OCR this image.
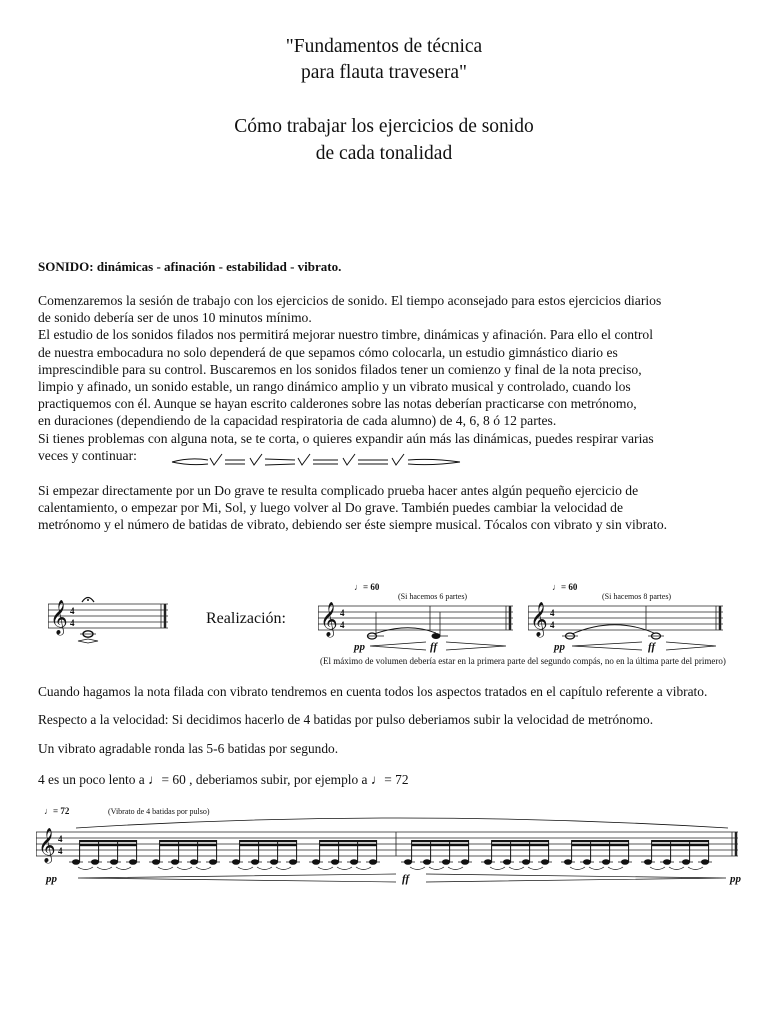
"Fundamentos de técnica
para flauta travesera"
Cómo trabajar los ejercicios de sonido
de cada tonalidad
SONIDO: dinámicas - afinación - estabilidad - vibrato.
Comenzaremos la sesión de trabajo con los ejercicios de sonido. El tiempo aconsejado para estos ejercicios diarios
de sonido debería ser de unos 10 minutos mínimo.
El estudio de los sonidos filados nos permitirá mejorar nuestro timbre, dinámicas y afinación. Para ello el control
de nuestra embocadura no solo dependerá de que sepamos cómo colocarla, un estudio gimnástico diario es
imprescindible para su control. Buscaremos en los sonidos filados tener un comienzo y final de la nota preciso,
limpio y afinado, un sonido estable, un rango dinámico amplio y un vibrato musical y controlado, cuando los
practiquemos con él. Aunque se hayan escrito calderones sobre las notas deberían practicarse con metrónomo,
en duraciones (dependiendo de la capacidad respiratoria de cada alumno) de 4, 6, 8 ó 12 partes.
Si tienes problemas con alguna nota, se te corta, o quieres expandir aún más las dinámicas, puedes respirar varias
veces y continuar:
Si empezar directamente por un Do grave te resulta complicado prueba hacer antes algún pequeño ejercicio de
calentamiento, o empezar por Mi, Sol, y luego volver al Do grave. También puedes cambiar la velocidad de
metrónomo y el número de batidas de vibrato, debiendo ser éste siempre musical. Tócalos con vibrato y sin vibrato.
𝄞 4
4	Realización:
♩= 60
(Si hacemos 6 partes)
𝄞 4
4
pp	ff
♩= 60
(Si hacemos 8 partes)
𝄞 4
4
pp	ff
(El máximo de volumen debería estar en la primera parte del segundo compás, no en la última parte del primero)
Cuando hagamos la nota filada con vibrato tendremos en cuenta todos los aspectos tratados en el capítulo referente a vibrato.
Respecto a la velocidad: Si decidimos hacerlo de 4 batidas por pulso deberiamos subir la velocidad de metrónomo.
Un vibrato agradable ronda las 5-6 batidas por segundo.
4 es un poco lento a ♩= 60 , deberiamos subir, por ejemplo a ♩= 72
♩= 72	(Vibrato de 4 batidas por pulso)
𝄞 4
4
pp	ff	pp
